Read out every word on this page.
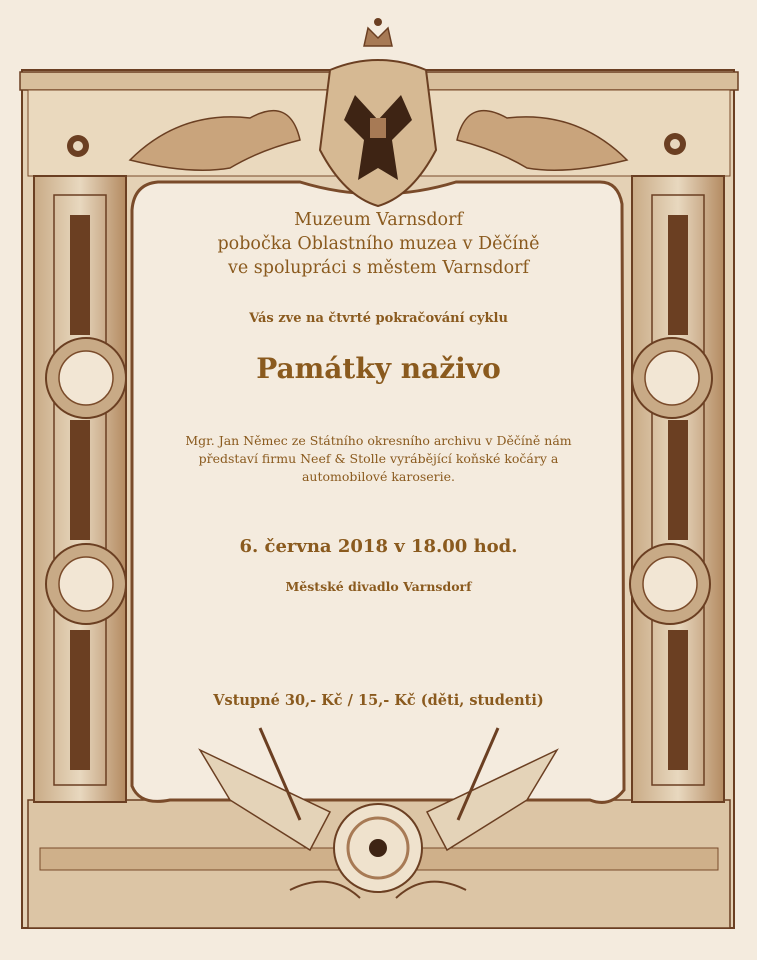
Muzeum Varnsdorf
pobočka Oblastního muzea v Děčíně
ve spolupráci s městem Varnsdorf

Vás zve na čtvrté pokračování cyklu

Památky naživo

Mgr. Jan Němec ze Státního okresního archivu v Děčíně nám představí firmu Neef & Stolle vyrábějící koňské kočáry a automobilové karoserie.

6. června 2018 v 18.00 hod.

Městské divadlo Varnsdorf

Vstupné 30,- Kč / 15,- Kč (děti, studenti)
